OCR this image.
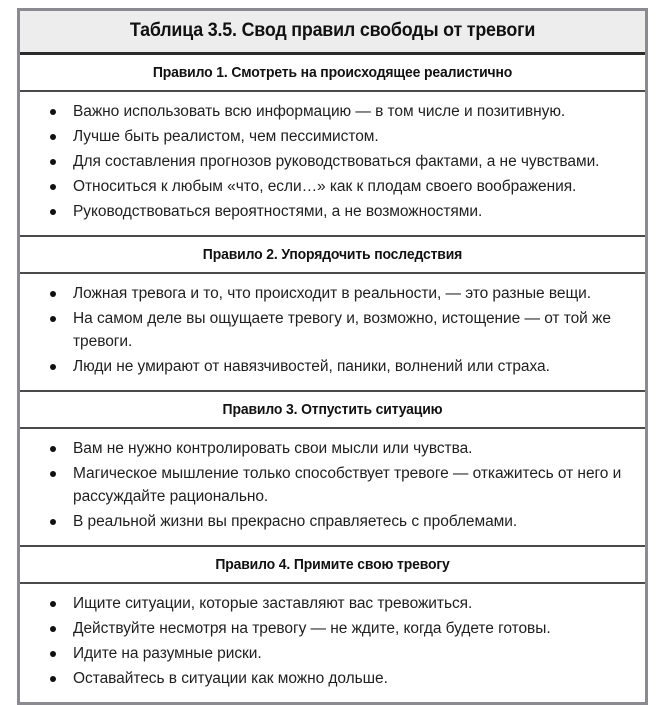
Таблица 3.5. Свод правил свободы от тревоги
Правило 1. Смотреть на происходящее реалистично
Важно использовать всю информацию — в том числе и позитивную.
Лучше быть реалистом, чем пессимистом.
Для составления прогнозов руководствоваться фактами, а не чувствами.
Относиться к любым «что, если…» как к плодам своего воображения.
Руководствоваться вероятностями, а не возможностями.
Правило 2. Упорядочить последствия
Ложная тревога и то, что происходит в реальности, — это разные вещи.
На самом деле вы ощущаете тревогу и, возможно, истощение — от той же тревоги.
Люди не умирают от навязчивостей, паники, волнений или страха.
Правило 3. Отпустить ситуацию
Вам не нужно контролировать свои мысли или чувства.
Магическое мышление только способствует тревоге — откажитесь от него и рассуждайте рационально.
В реальной жизни вы прекрасно справляетесь с проблемами.
Правило 4. Примите свою тревогу
Ищите ситуации, которые заставляют вас тревожиться.
Действуйте несмотря на тревогу — не ждите, когда будете готовы.
Идите на разумные риски.
Оставайтесь в ситуации как можно дольше.
